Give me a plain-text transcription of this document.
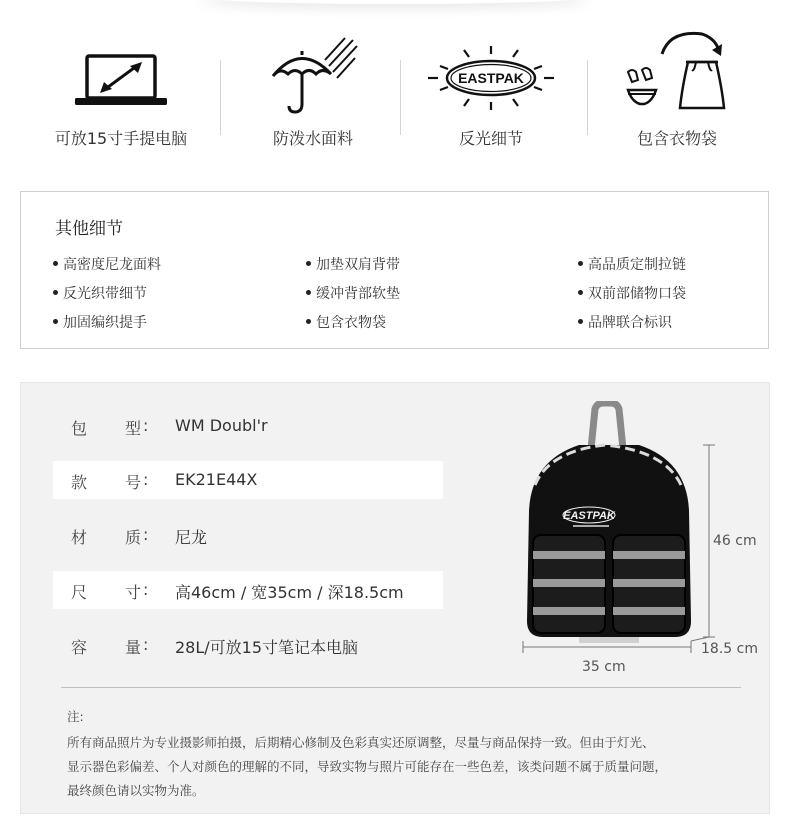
可放15寸手提电脑	防泼水面料
EASTPAK
反光细节	包含衣物袋
其他细节
高密度尼龙面料	加垫双肩背带	高品质定制拉链
反光织带细节	缓冲背部软垫	双前部储物口袋
加固编织提手	包含衣物袋	品牌联合标识
包 型 : WM Doubl'r
款 号 : EK21E44X
材 质 : 尼龙
尺 寸 : 高46cm / 宽35cm / 深18.5cm
容 量 : 28L/可放15寸笔记本电脑
EASTPAK
46 cm
18.5 cm
35 cm
注:
所有商品照片为专业摄影师拍摄，后期精心修制及色彩真实还原调整，尽量与商品保持一致。但由于灯光、
显示器色彩偏差、个人对颜色的理解的不同，导致实物与照片可能存在一些色差，该类问题不属于质量问题，
最终颜色请以实物为准。
